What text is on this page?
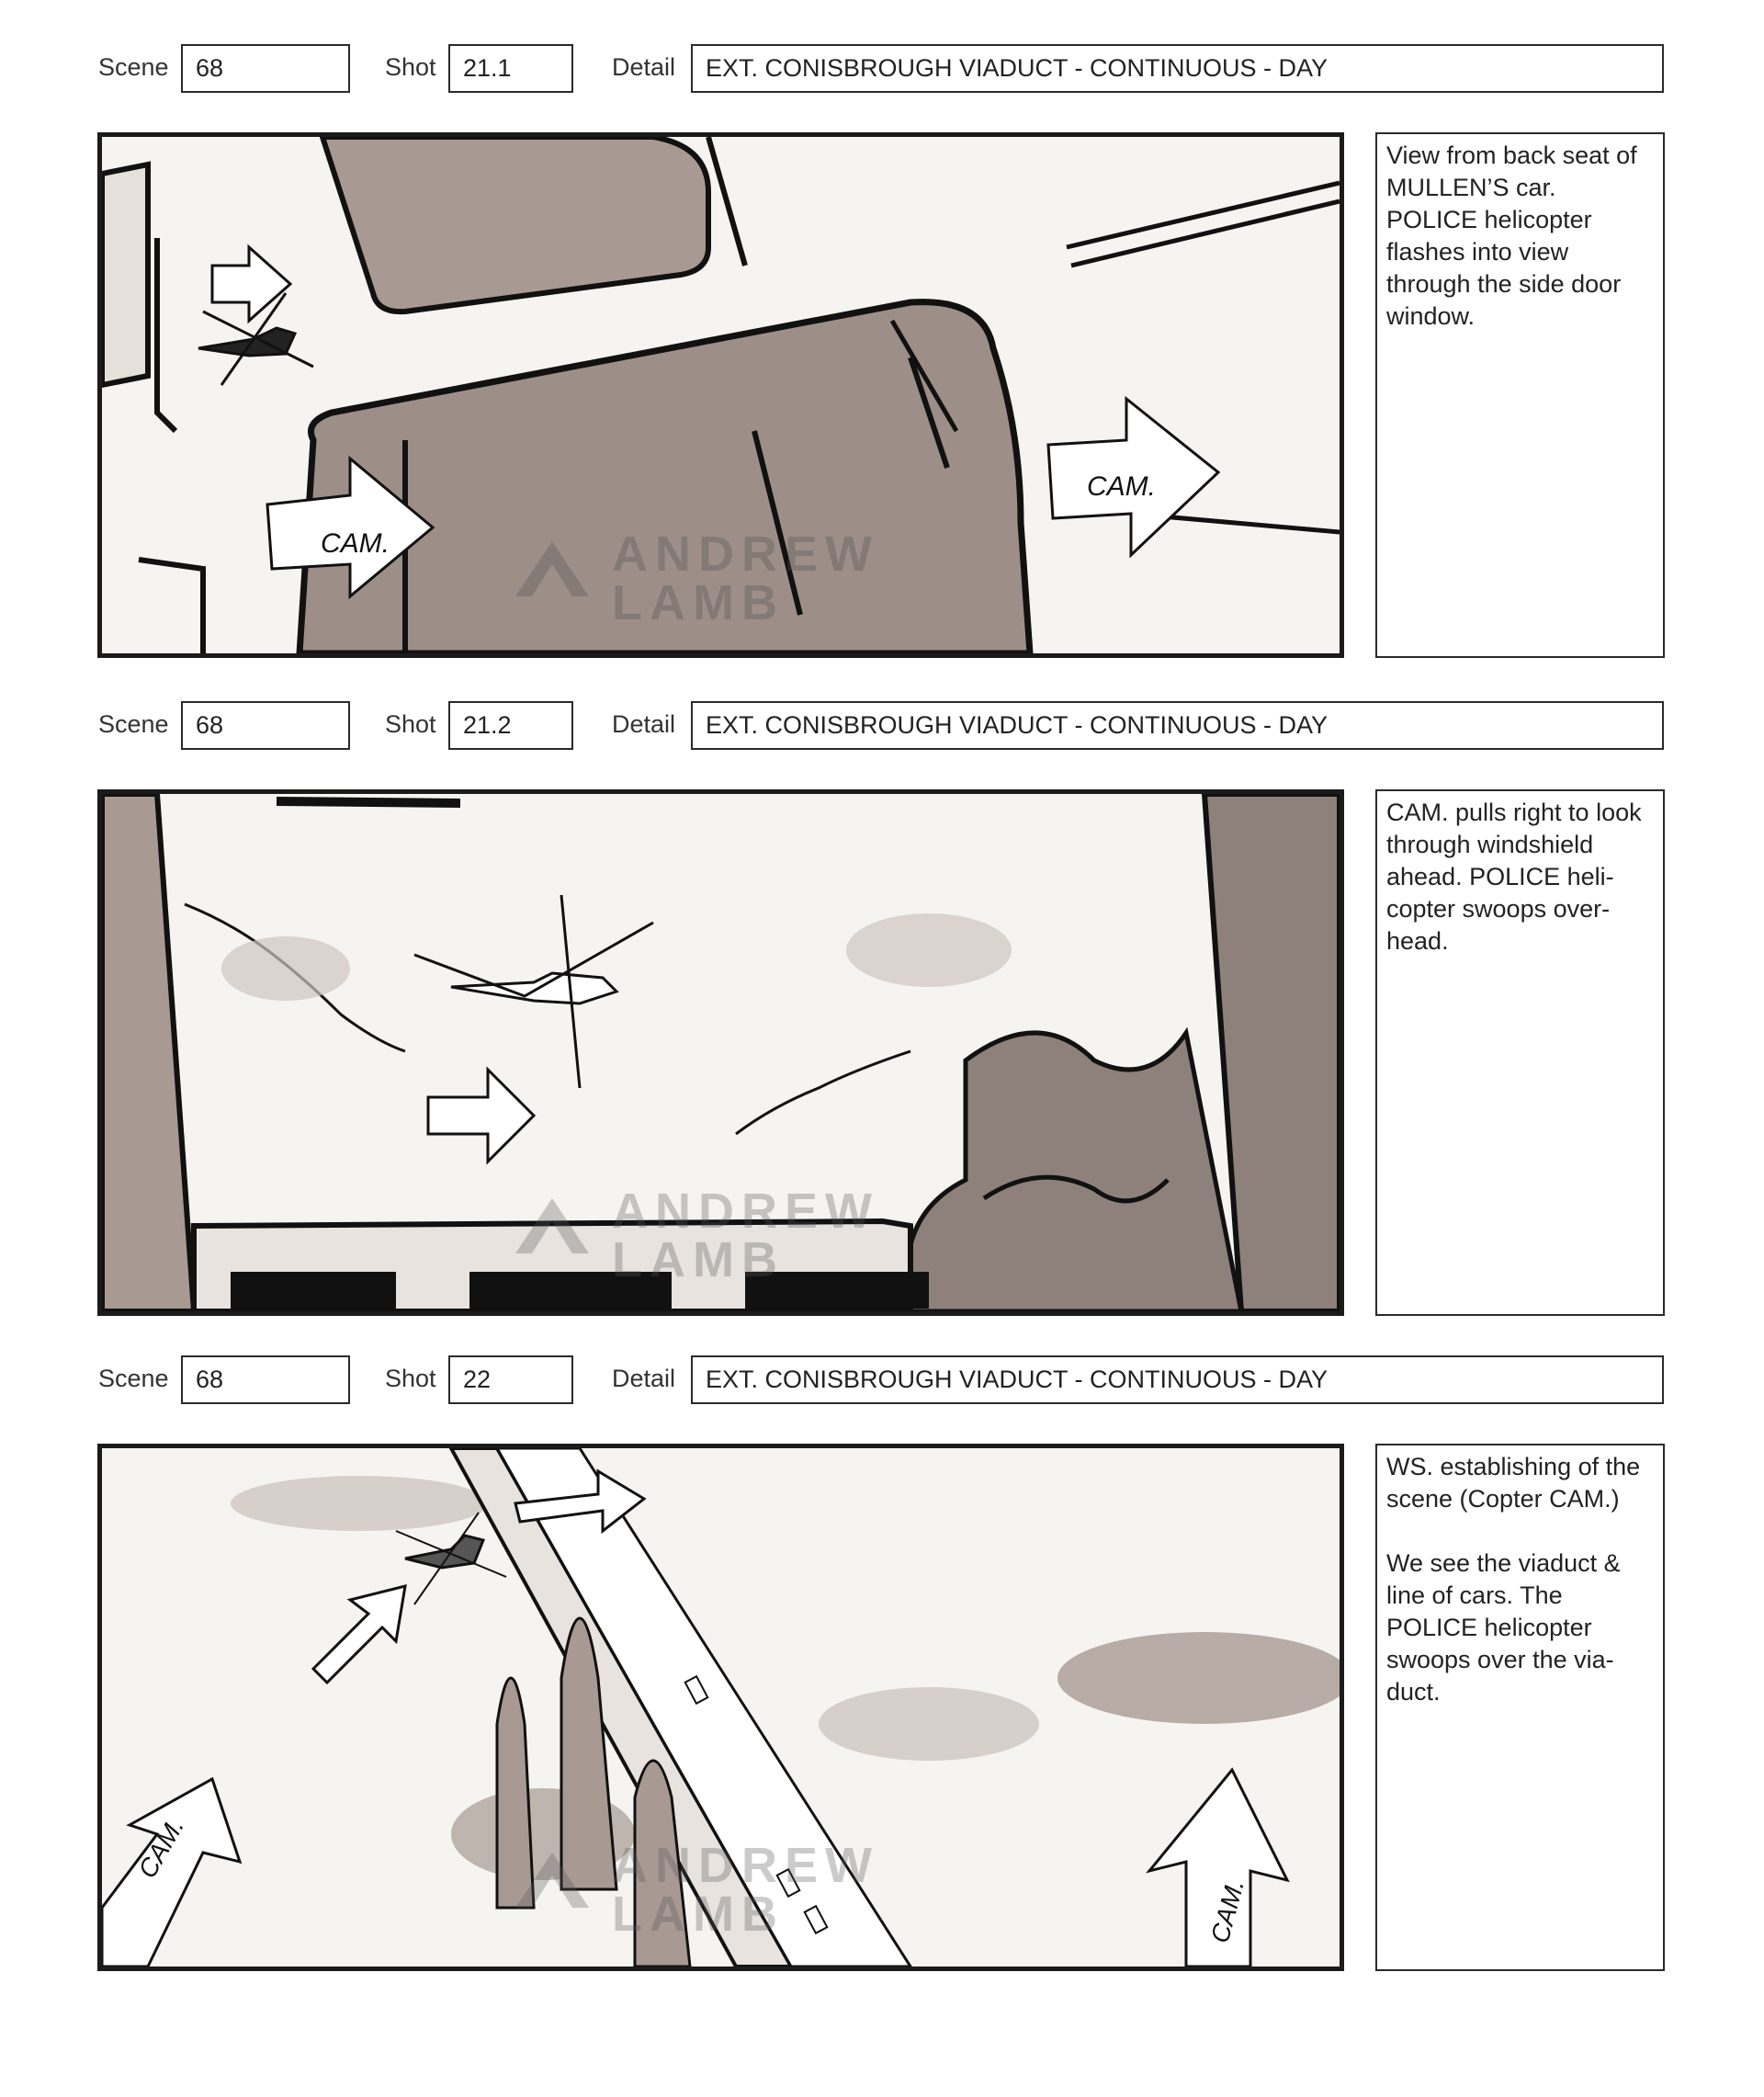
Scene	68	Shot	21.1	Detail	EXT. CONISBROUGH VIADUCT - CONTINUOUS - DAY
CAM.
CAM.
ANDREW
LAMB
View from back seat of MULLEN’S car. POLICE helicopter flashes into view through the side door window.
Scene	68	Shot	21.2	Detail	EXT. CONISBROUGH VIADUCT - CONTINUOUS - DAY
ANDREW
LAMB
CAM. pulls right to look through windshield ahead. POLICE heli-copter swoops over-head.
Scene	68	Shot	22	Detail	EXT. CONISBROUGH VIADUCT - CONTINUOUS - DAY
CAM.
CAM.
ANDREW
LAMB
WS. establishing of the scene (Copter CAM.)

We see the viaduct & line of cars. The POLICE helicopter swoops over the via-duct.
